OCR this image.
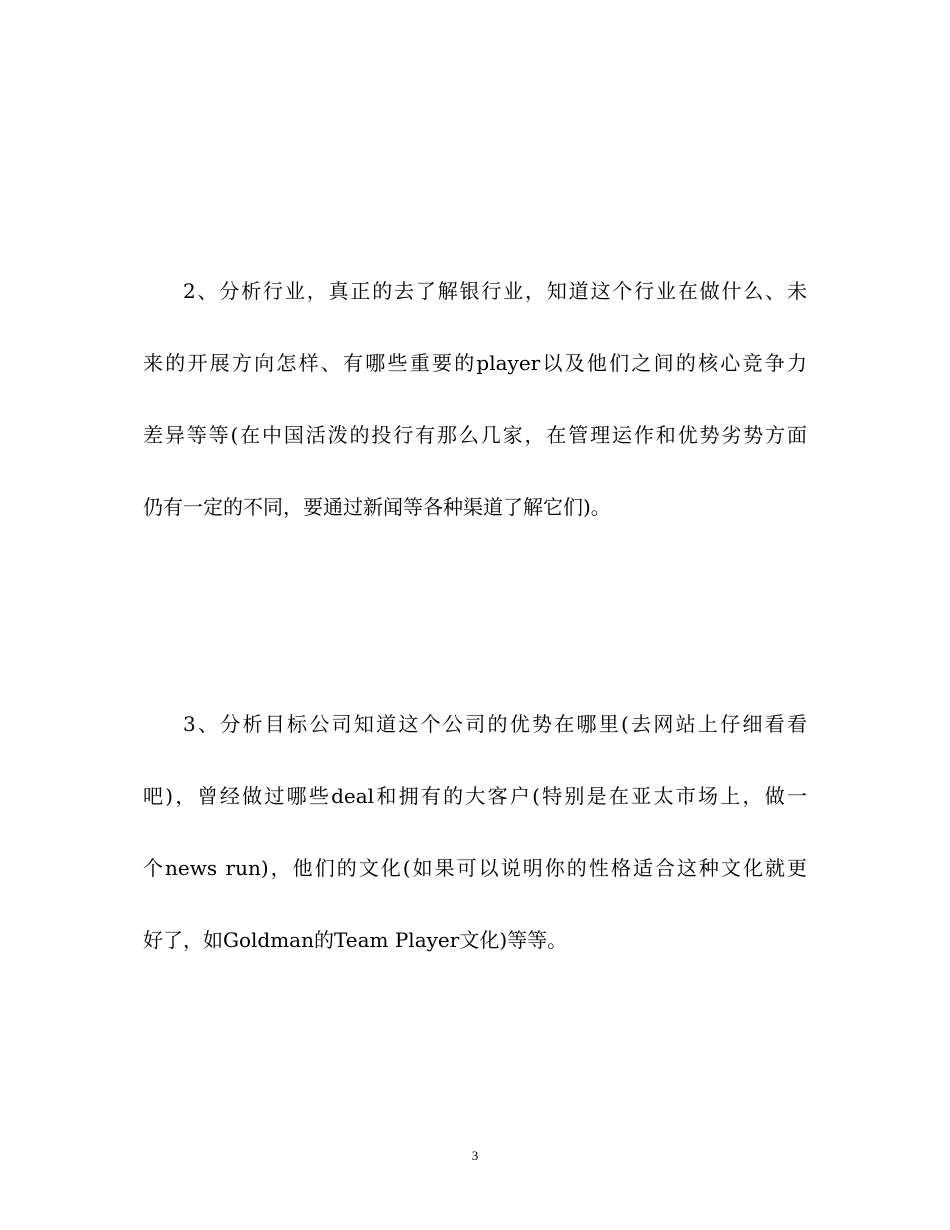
2、分析行业，真正的去了解银行业，知道这个行业在做什么、未
来的开展方向怎样、有哪些重要的player以及他们之间的核心竞争力
差异等等(在中国活泼的投行有那么几家，在管理运作和优势劣势方面
仍有一定的不同，要通过新闻等各种渠道了解它们)。
3、分析目标公司知道这个公司的优势在哪里(去网站上仔细看看
吧)，曾经做过哪些deal和拥有的大客户(特别是在亚太市场上，做一
个news run)，他们的文化(如果可以说明你的性格适合这种文化就更
好了，如Goldman的Team Player文化)等等。
3
